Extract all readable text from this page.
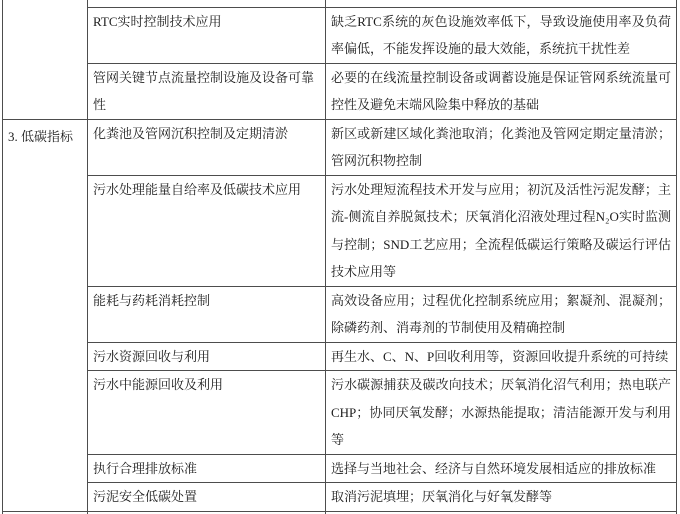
	RTC实时控制技术应用	缺乏RTC系统的灰色设施效率低下，导致设施使用率及负荷率偏低，不能发挥设施的最大效能，系统抗干扰性差
	管网关键节点流量控制设施及设备可靠性	必要的在线流量控制设备或调蓄设施是保证管网系统流量可控性及避免末端风险集中释放的基础
3. 低碳指标	化粪池及管网沉积控制及定期清淤	新区或新建区域化粪池取消；化粪池及管网定期定量清淤；管网沉积物控制
	污水处理能量自给率及低碳技术应用	污水处理短流程技术开发与应用；初沉及活性污泥发酵；主流-侧流自养脱氮技术；厌氧消化沼液处理过程N₂O实时监测与控制；SND工艺应用；全流程低碳运行策略及碳运行评估技术应用等
	能耗与药耗消耗控制	高效设备应用；过程优化控制系统应用；絮凝剂、混凝剂；除磷药剂、消毒剂的节制使用及精确控制
	污水资源回收与利用	再生水、C、N、P回收利用等，资源回收提升系统的可持续
	污水中能源回收及利用	污水碳源捕获及碳改向技术；厌氧消化沼气利用；热电联产CHP；协同厌氧发酵；水源热能提取；清洁能源开发与利用等
	执行合理排放标准	选择与当地社会、经济与自然环境发展相适应的排放标准
	污泥安全低碳处置	取消污泥填埋；厌氧消化与好氧发酵等
